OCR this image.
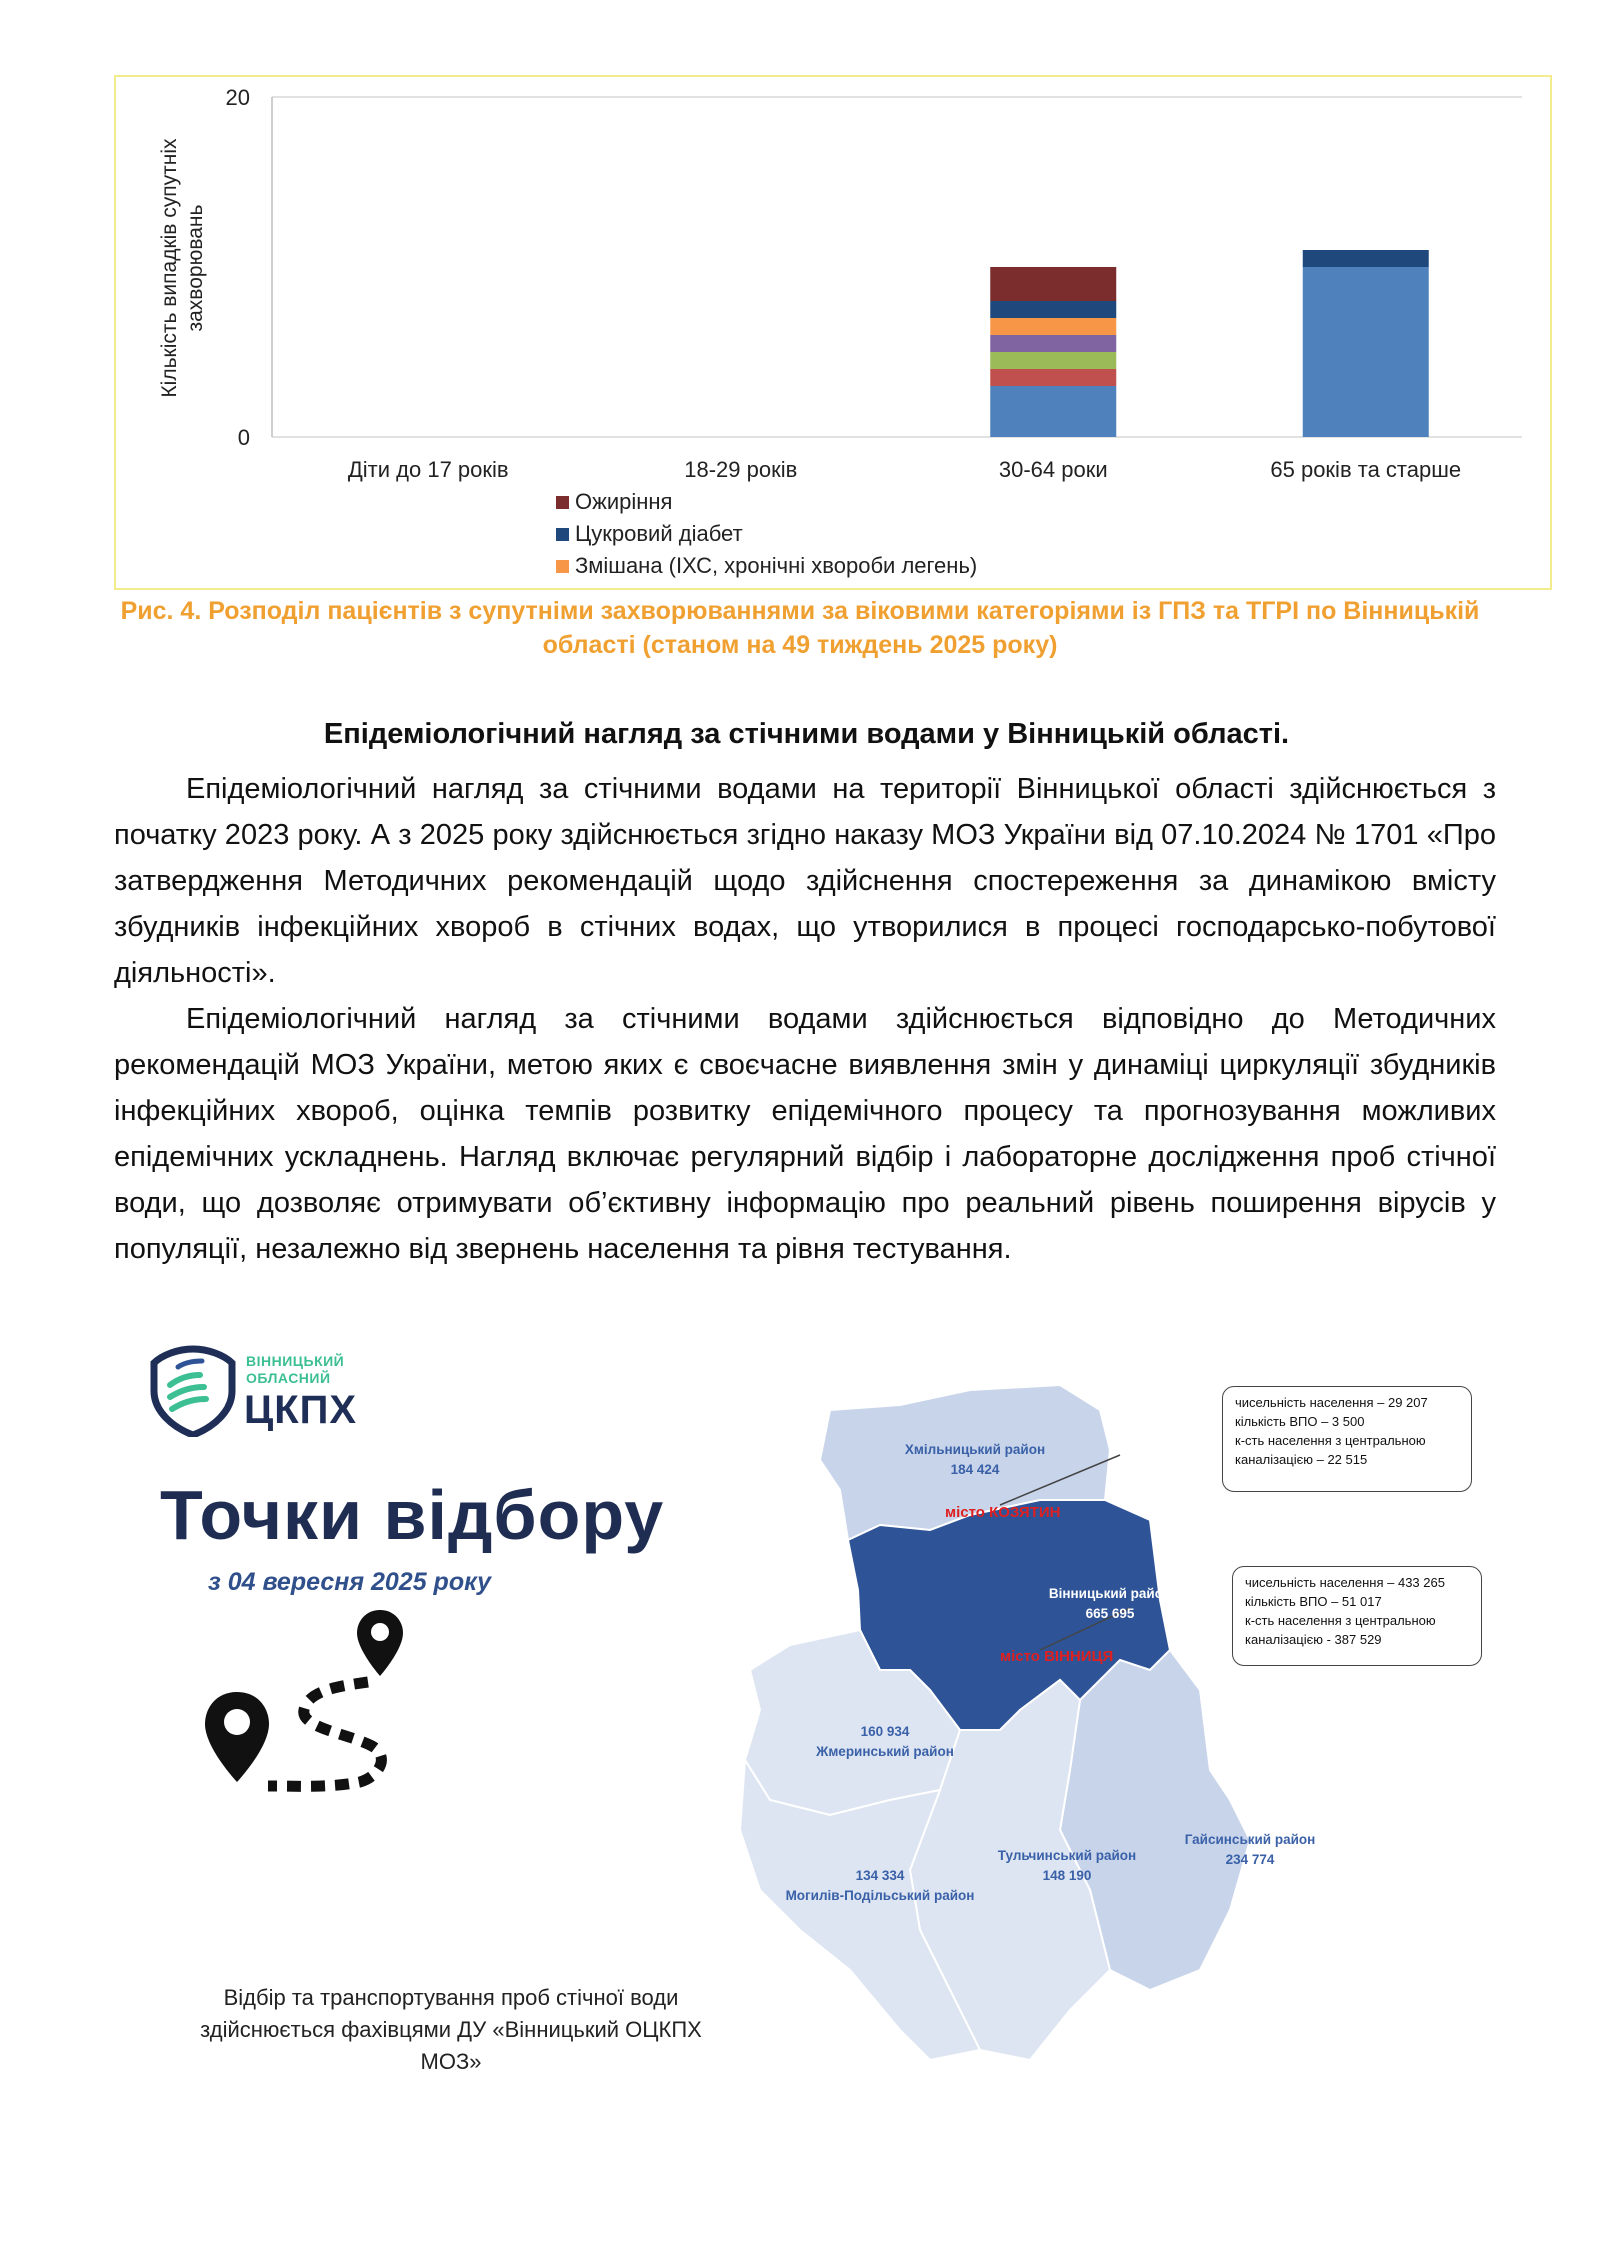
0
20
Діти до 17 років	18-29 років	30-64 роки	65 років та старше
Кількість випадків супутніх захворювань
Ожиріння
Цукровий діабет
Змішана (ІХС, хронічні хвороби легень)
Рис. 4. Розподіл пацієнтів з супутніми захворюваннями за віковими категоріями із ГПЗ та ТГРІ по Вінницькій області (станом на 49 тиждень 2025 року)
Епідеміологічний нагляд за стічними водами у Вінницькій області.

Епідеміологічний нагляд за стічними водами на території Вінницької області здійснюється з початку 2023 року. А з 2025 року здійснюється згідно наказу МОЗ України від 07.10.2024 № 1701 «Про затвердження Методичних рекомендацій щодо здійснення спостереження за динамікою вмісту збудників інфекційних хвороб в стічних водах, що утворилися в процесі господарсько-побутової діяльності».

Епідеміологічний нагляд за стічними водами здійснюється відповідно до Методичних рекомендацій МОЗ України, метою яких є своєчасне виявлення змін у динаміці циркуляції збудників інфекційних хвороб, оцінка темпів розвитку епідемічного процесу та прогнозування можливих епідемічних ускладнень. Нагляд включає регулярний відбір і лабораторне дослідження проб стічної води, що дозволяє отримувати об’єктивну інформацію про реальний рівень поширення вірусів у популяції, незалежно від звернень населення та рівня тестування.

ВІННИЦЬКИЙ
ОБЛАСНИЙ
ЦКПХ
Точки відбору
з 04 вересня 2025 року
Відбір та транспортування проб стічної води
здійснюється фахівцями ДУ «Вінницький ОЦКПХ МОЗ»
Хмільницький район
184 424
місто КОЗЯТИН
Вінницький район
665 695
місто ВІННИЦЯ
160 934
Жмеринський район
Гайсинський район
234 774
Тульчинський район
148 190
134 334
Могилів-Подільський район
чисельність населення – 29 207
кількість ВПО – 3 500
к-сть населення з центральною
каналізацією – 22 515
чисельність населення – 433 265
кількість ВПО – 51 017
к-сть населення з центральною
каналізацією - 387 529
